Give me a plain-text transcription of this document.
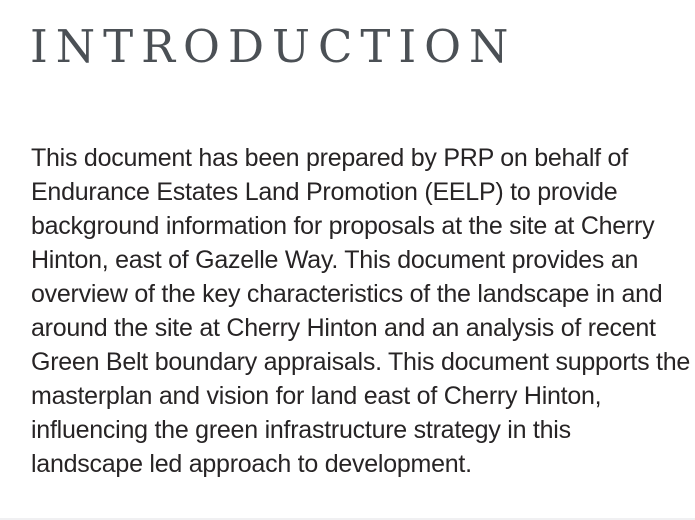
INTRODUCTION
This document has been prepared by PRP on behalf of
Endurance Estates Land Promotion (EELP) to provide
background information for proposals at the site at Cherry
Hinton, east of Gazelle Way. This document provides an
overview of the key characteristics of the landscape in and
around the site at Cherry Hinton and an analysis of recent
Green Belt boundary appraisals. This document supports the
masterplan and vision for land east of Cherry Hinton,
influencing the green infrastructure strategy in this
landscape led approach to development.
